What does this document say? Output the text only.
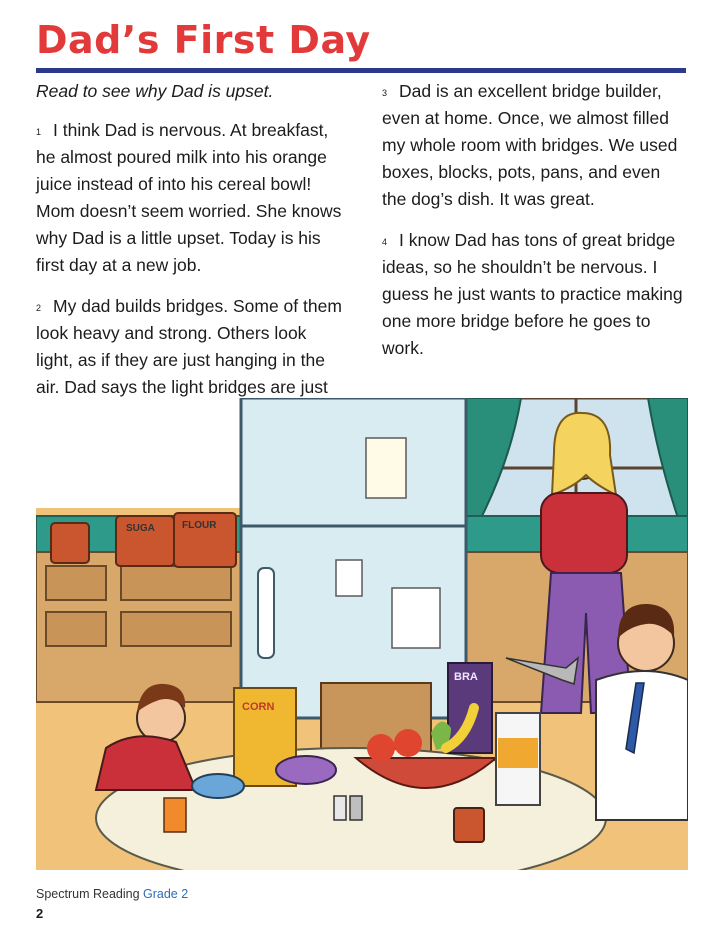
Dad’s First Day

Read to see why Dad is upset.

$^1$ I think Dad is nervous. At breakfast, he almost poured milk into his orange juice instead of into his cereal bowl! Mom doesn’t seem worried. She knows why Dad is a little upset. Today is his first day at a new job.

$^2$ My dad builds bridges. Some of them look heavy and strong. Others look light, as if they are just hanging in the air. Dad says the light bridges are just

$^3$ Dad is an excellent bridge builder, even at home. Once, we almost filled my whole room with bridges. We used boxes, blocks, pots, pans, and even the dog’s dish. It was great.

$^4$ I know Dad has tons of great bridge ideas, so he shouldn’t be nervous. I guess he just wants to practice making one more bridge before he goes to work.

SUGA	FLOUR
CORN
BRA
Spectrum Reading Grade 2
2
